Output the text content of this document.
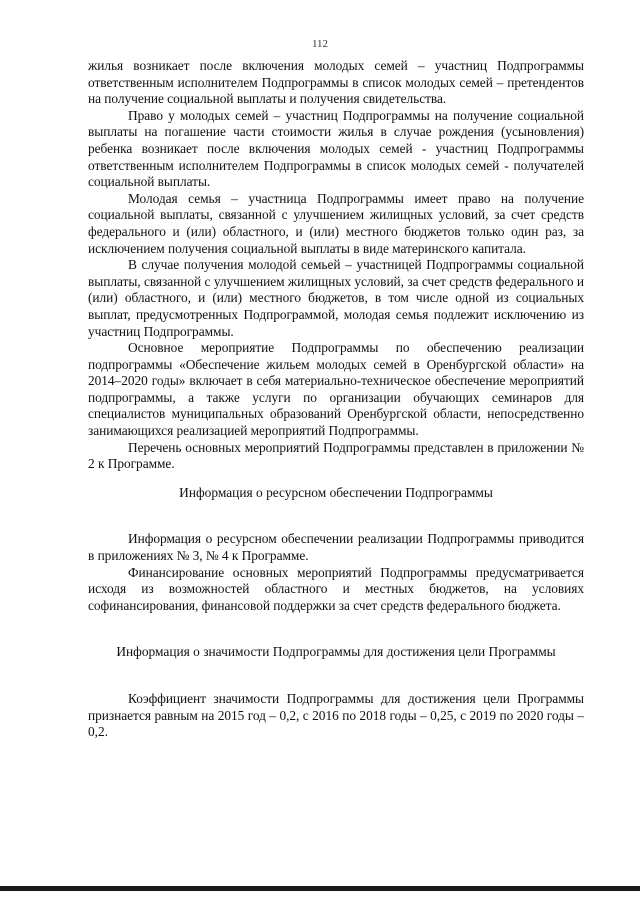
112

жилья возникает после включения молодых семей – участниц Подпрограммы ответственным исполнителем Подпрограммы в список молодых семей – претендентов на получение социальной выплаты и получения свидетельства.

Право у молодых семей – участниц Подпрограммы на получение социальной выплаты на погашение части стоимости жилья в случае рождения (усыновления) ребенка возникает после включения молодых семей - участниц Подпрограммы ответственным исполнителем Подпрограммы в список молодых семей - получателей социальной выплаты.

Молодая семья – участница Подпрограммы имеет право на получение социальной выплаты, связанной с улучшением жилищных условий, за счет средств федерального и (или) областного, и (или) местного бюджетов только один раз, за исключением получения социальной выплаты в виде материнского капитала.

В случае получения молодой семьей – участницей Подпрограммы социальной выплаты, связанной с улучшением жилищных условий, за счет средств федерального и (или) областного, и (или) местного бюджетов, в том числе одной из социальных выплат, предусмотренных Подпрограммой, молодая семья подлежит исключению из участниц Подпрограммы.

Основное мероприятие Подпрограммы по обеспечению реализации подпрограммы «Обеспечение жильем молодых семей в Оренбургской области» на 2014–2020 годы» включает в себя материально-техническое обеспечение мероприятий подпрограммы, а также услуги по организации обучающих семинаров для специалистов муниципальных образований Оренбургской области, непосредственно занимающихся реализацией мероприятий Подпрограммы.

Перечень основных мероприятий Подпрограммы представлен в приложении № 2 к Программе.

Информация о ресурсном обеспечении Подпрограммы

Информация о ресурсном обеспечении реализации Подпрограммы приводится в приложениях № 3, № 4 к Программе.

Финансирование основных мероприятий Подпрограммы предусматривается исходя из возможностей областного и местных бюджетов, на условиях софинансирования, финансовой поддержки за счет средств федерального бюджета.

Информация о значимости Подпрограммы для достижения цели Программы

Коэффициент значимости Подпрограммы для достижения цели Программы признается равным на 2015 год – 0,2, с 2016 по 2018 годы – 0,25, с 2019 по 2020 годы – 0,2.
